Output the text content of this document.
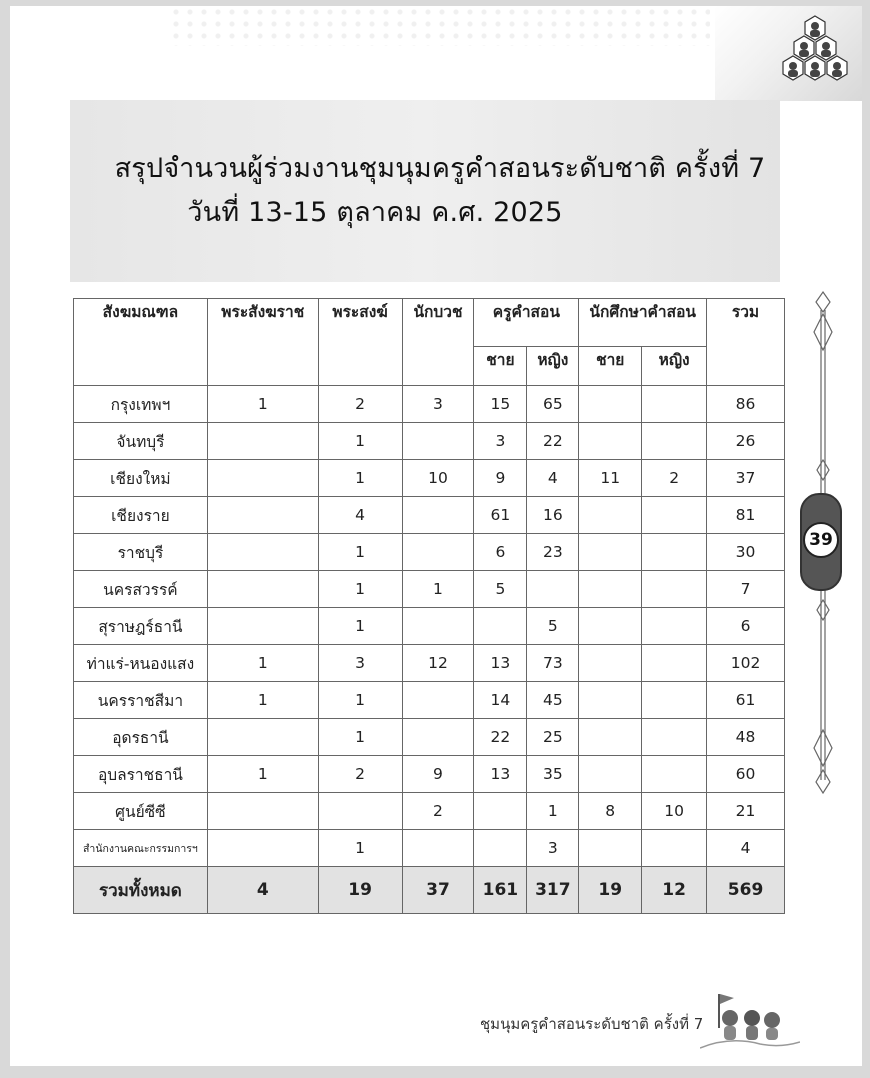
สรุปจำนวนผู้ร่วมงานชุมนุมครูคำสอนระดับชาติ ครั้งที่ 7
วันที่ 13-15 ตุลาคม ค.ศ. 2025
สังฆมณฑล	พระสังฆราช	พระสงฆ์	นักบวช	ครูคำสอน		นักศึกษาคำสอน		รวม
				ชาย	หญิง	ชาย	หญิง	
กรุงเทพฯ	1	2	3	15	65			86
จันทบุรี		1		3	22			26
เชียงใหม่		1	10	9	4	11	2	37
เชียงราย		4		61	16			81
ราชบุรี		1		6	23			30
นครสวรรค์		1	1	5				7
สุราษฎร์ธานี		1			5			6
ท่าแร่-หนองแสง	1	3	12	13	73			102
นครราชสีมา	1	1		14	45			61
อุดรธานี		1		22	25			48
อุบลราชธานี	1	2	9	13	35			60
ศูนย์ซีซี			2		1	8	10	21
สำนักงานคณะกรรมการฯ		1			3			4
รวมทั้งหมด	4	19	37	161	317	19	12	569
39
ชุมนุมครูคำสอนระดับชาติ ครั้งที่ 7
